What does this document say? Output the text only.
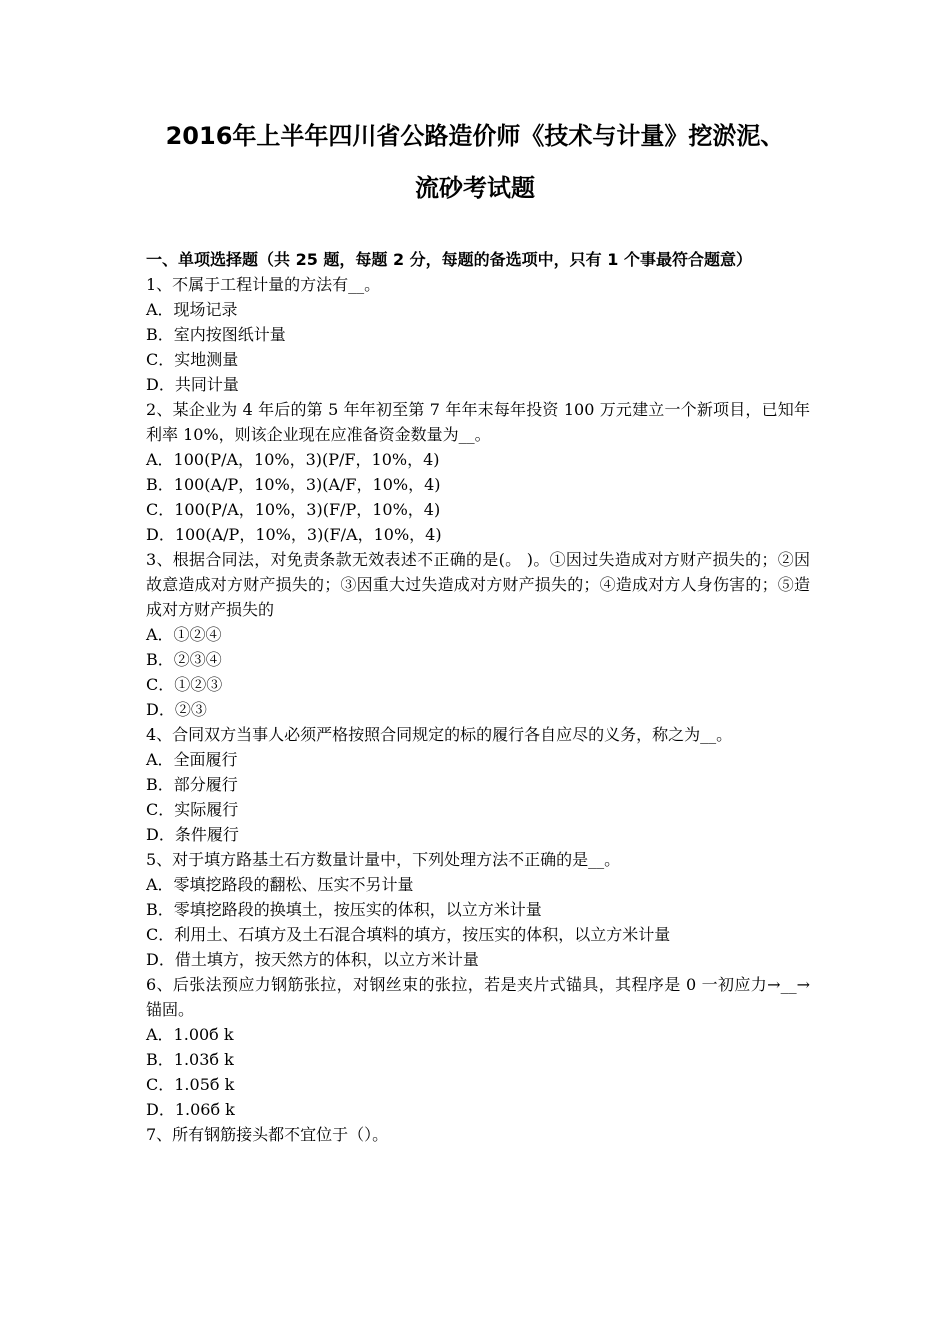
2016年上半年四川省公路造价师《技术与计量》挖淤泥、
流砂考试题

一、单项选择题（共 25 题，每题 2 分，每题的备选项中，只有 1 个事最符合题意）

1、不属于工程计量的方法有__。

A．现场记录

B．室内按图纸计量

C．实地测量

D．共同计量

2、某企业为 4 年后的第 5 年年初至第 7 年年末每年投资 100 万元建立一个新项目，已知年利率 10%，则该企业现在应准备资金数量为__。

A．100(P/A，10%，3)(P/F，10%，4)

B．100(A/P，10%，3)(A/F，10%，4)

C．100(P/A，10%，3)(F/P，10%，4)

D．100(A/P，10%，3)(F/A，10%，4)

3、根据合同法，对免责条款无效表述不正确的是(。 )。①因过失造成对方财产损失的；②因故意造成对方财产损失的；③因重大过失造成对方财产损失的；④造成对方人身伤害的；⑤造成对方财产损失的

A．①②④

B．②③④

C．①②③

D．②③

4、合同双方当事人必须严格按照合同规定的标的履行各自应尽的义务，称之为__。

A．全面履行

B．部分履行

C．实际履行

D．条件履行

5、对于填方路基土石方数量计量中，下列处理方法不正确的是__。

A．零填挖路段的翻松、压实不另计量

B．零填挖路段的换填土，按压实的体积，以立方米计量

C．利用土、石填方及土石混合填料的填方，按压实的体积，以立方米计量

D．借土填方，按天然方的体积，以立方米计量

6、后张法预应力钢筋张拉，对钢丝束的张拉，若是夹片式锚具，其程序是 0 一初应力→__→锚固。

A．1.00б k

B．1.03б k

C．1.05б k

D．1.06б k

7、所有钢筋接头都不宜位于（）。
